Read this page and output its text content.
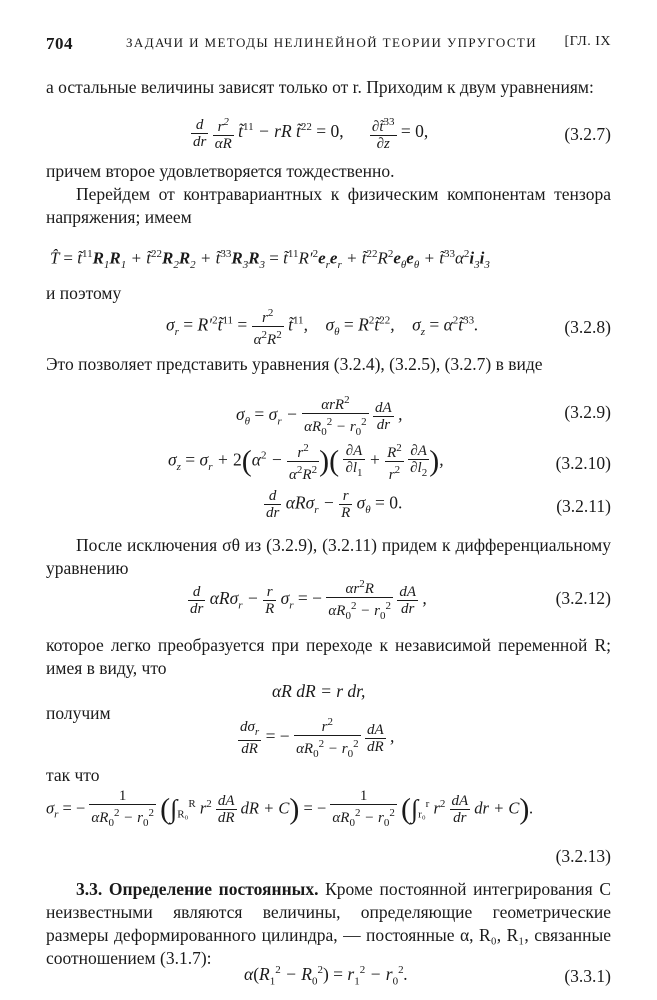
704	ЗАДАЧИ И МЕТОДЫ НЕЛИНЕЙНОЙ ТЕОРИИ УПРУГОСТИ [ГЛ. IX
а остальные величины зависят только от r. Приходим к двум уравнениям:
$\frac{d}{dr}$
$\frac{r^2}{\alpha R}$ t̃$^{11}$ − rR t̃$^{22}$ = 0, $\frac{\partial t̃^{33}}{\partial z} = 0$,	(3.2.7)
причем второе удовлетворяется тождественно.
Перейдем от контравариантных к физическим компонентам тензора напряжения; имеем
T̂ = $t̃^{11}R_1R_1$ + $t̃^{22}R_2R_2$ + $t̃^{33}R_3R_3$ = $t̃^{11}R'^2e_re_r$ + $t̃^{22}R^2e_\theta e_\theta$ + $t̃^{33}\alpha^2i_3i_3$
и поэтому
$\sigma_r$ = $R'^2t̃^{11} = \frac{r^2}{\alpha^2R^2}$ t̃$^{11}$,    $\sigma_\theta$ = $R^2t̃^{22}$,    $\sigma_z$ = $\alpha^2t̃^{33}$.	(3.2.8)
Это позволяет представить уравнения (3.2.4), (3.2.5), (3.2.7) в виде
$\sigma_\theta = \sigma_r - \frac{\alpha rR^2}{\alpha R_0^2 - r_0^2}$
$\frac{dA}{dr}$ ,	(3.2.9)
$\sigma_z = \sigma_r + 2(\alpha^2 - \frac{r^2}{\alpha^2R^2}$ )( $\frac{\partial A}{\partial l_1} + \frac{R^2}{r^2}$
$\frac{\partial A}{\partial l_2}$ ),	(3.2.10)
$\frac{d}{dr} \alpha R\sigma_r - \frac{r}{R} \sigma_\theta = 0$.	(3.2.11)
После исключения σθ из (3.2.9), (3.2.11) придем к дифференциальному уравнению
$\frac{d}{dr} \alpha R\sigma_r - \frac{r}{R} \sigma_r$ = − $\frac{\alpha r^2R}{\alpha R_0^2 - r_0^2}$
$\frac{dA}{dr}$ ,	(3.2.12)
которое легко преобразуется при переходе к независимой переменной R; имея в виду, что
αR dR = r dr,
получим
$\frac{d\sigma_r}{dR}$ = − $\frac{r^2}{\alpha R_0^2 - r_0^2}$
$\frac{dA}{dR}$ ,
так что
$\sigma_r$ = − $\frac{1}{\alpha R_0^2 - r_0^2} (\int_{R_0}^R$ $r^2 \frac{dA}{dR}$ dR + C) = − $\frac{1}{\alpha R_0^2 - r_0^2} (\int_{r_0}^r$ $r^2 \frac{dA}{dr}$ dr + C).
(3.2.13)
3.3. Определение постоянных. Кроме постоянной интегрирования C неизвестными являются величины, определяющие геометрические размеры деформированного цилиндра, — постоянные α, R₀, R₁, связанные соотношением (3.1.7):
$\alpha(R_1^2 - R_0^2) = r_1^2 - r_0^2$.	(3.3.1)
